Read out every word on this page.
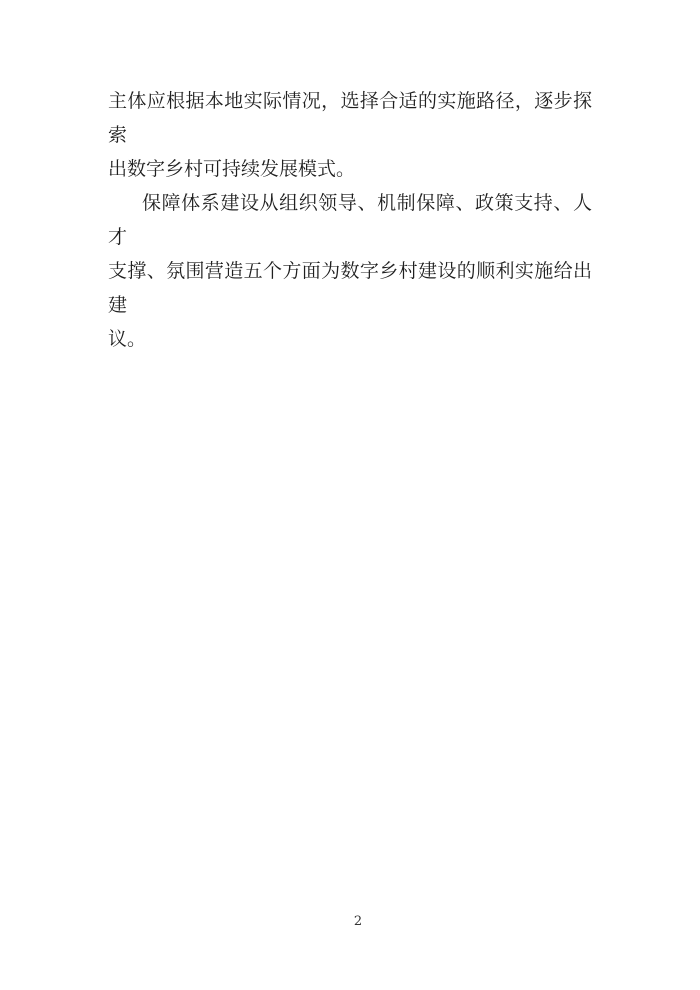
主体应根据本地实际情况，选择合适的实施路径，逐步探索
出数字乡村可持续发展模式。
保障体系建设从组织领导、机制保障、政策支持、人才
支撑、氛围营造五个方面为数字乡村建设的顺利实施给出建
议。
2
